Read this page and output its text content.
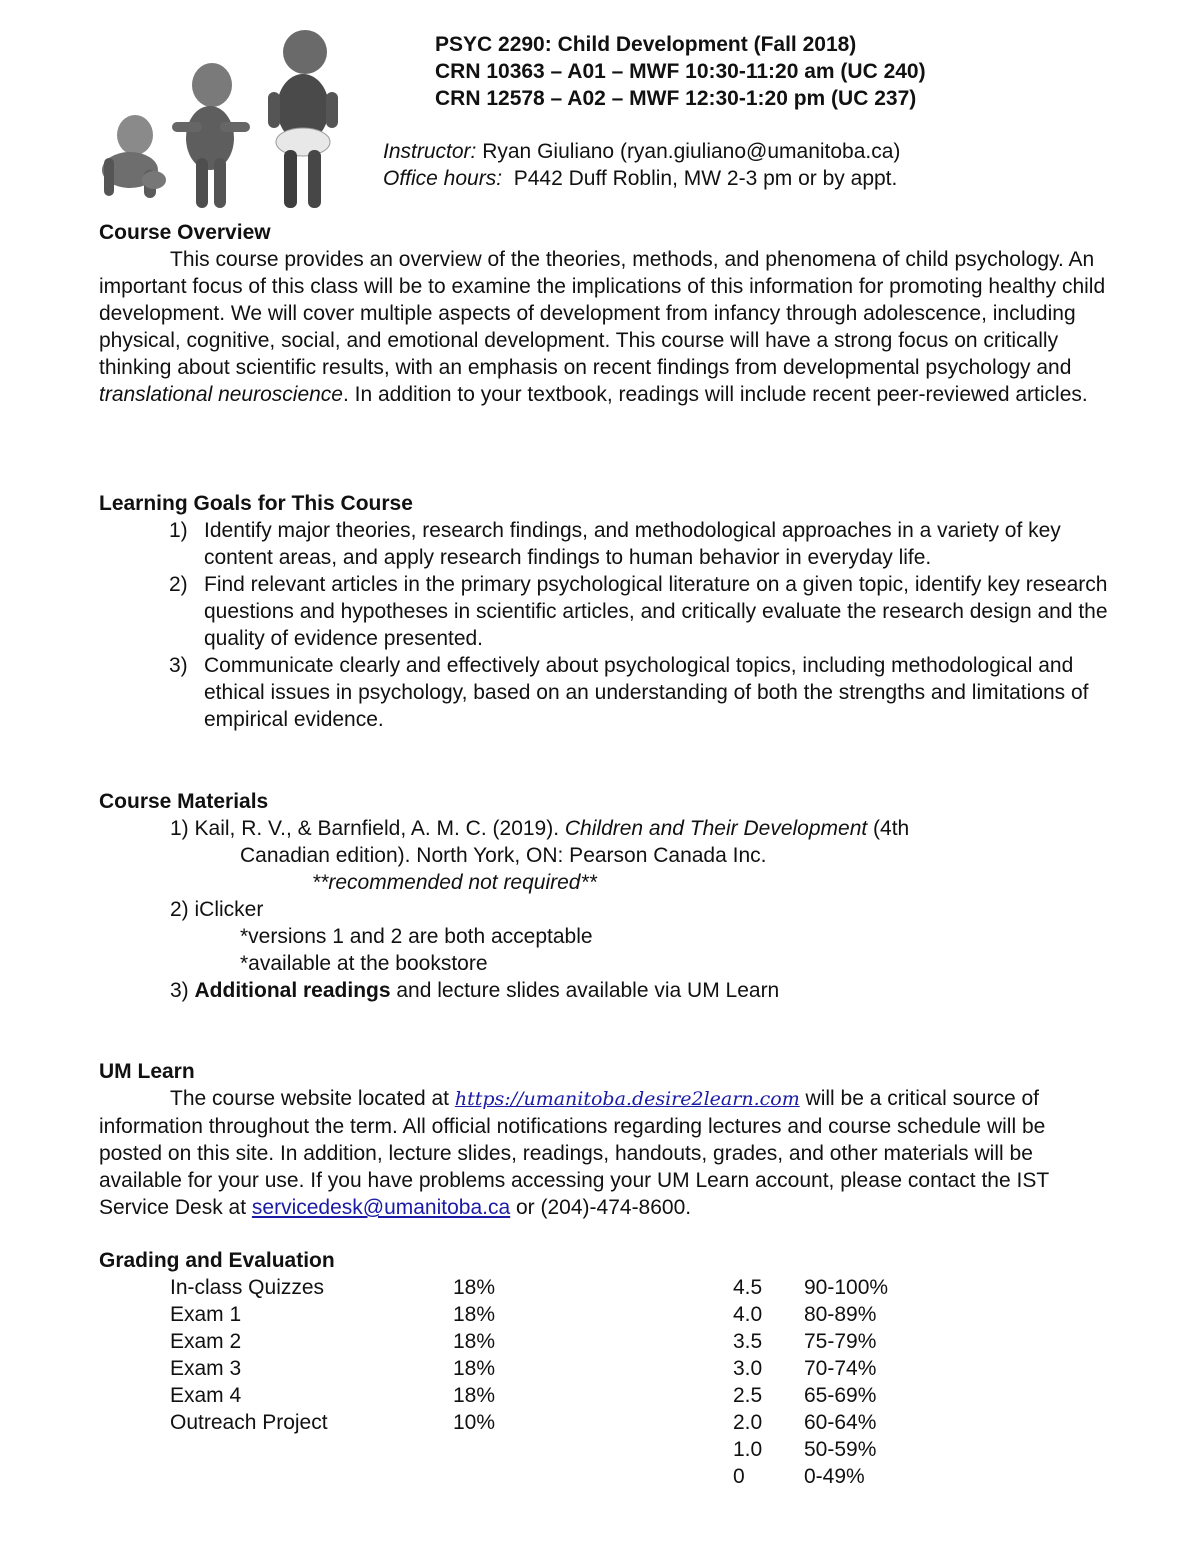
PSYC 2290: Child Development (Fall 2018)
CRN 10363 – A01 – MWF 10:30-11:20 am (UC 240)
CRN 12578 – A02 – MWF 12:30-1:20 pm (UC 237)
Instructor: Ryan Giuliano (ryan.giuliano@umanitoba.ca)
Office hours:  P442 Duff Roblin, MW 2-3 pm or by appt.
Course Overview

This course provides an overview of the theories, methods, and phenomena of child psychology. An important focus of this class will be to examine the implications of this information for promoting healthy child development. We will cover multiple aspects of development from infancy through adolescence, including physical, cognitive, social, and emotional development. This course will have a strong focus on critically thinking about scientific results, with an emphasis on recent findings from developmental psychology and translational neuroscience. In addition to your textbook, readings will include recent peer-reviewed articles.

Learning Goals for This Course
1) Identify major theories, research findings, and methodological approaches in a variety of key content areas, and apply research findings to human behavior in everyday life.
2) Find relevant articles in the primary psychological literature on a given topic, identify key research questions and hypotheses in scientific articles, and critically evaluate the research design and the quality of evidence presented.
3) Communicate clearly and effectively about psychological topics, including methodological and ethical issues in psychology, based on an understanding of both the strengths and limitations of empirical evidence.
Course Materials

1) Kail, R. V., & Barnfield, A. M. C. (2019). Children and Their Development (4th

Canadian edition). North York, ON: Pearson Canada Inc.

**recommended not required**

2) iClicker

*versions 1 and 2 are both acceptable

*available at the bookstore

3) Additional readings and lecture slides available via UM Learn

UM Learn

The course website located at https://umanitoba.desire2learn.com will be a critical source of information throughout the term. All official notifications regarding lectures and course schedule will be posted on this site. In addition, lecture slides, readings, handouts, grades, and other materials will be available for your use. If you have problems accessing your UM Learn account, please contact the IST Service Desk at servicedesk@umanitoba.ca or (204)-474-8600.

Grading and Evaluation
In-class Quizzes	18%	4.5 90-100%
Exam 1	18%	4.0 80-89%
Exam 2	18%	3.5 75-79%
Exam 3	18%	3.0 70-74%
Exam 4	18%	2.5 65-69%
Outreach Project	10%	2.0 60-64%
1.0 50-59%
0	0-49%
